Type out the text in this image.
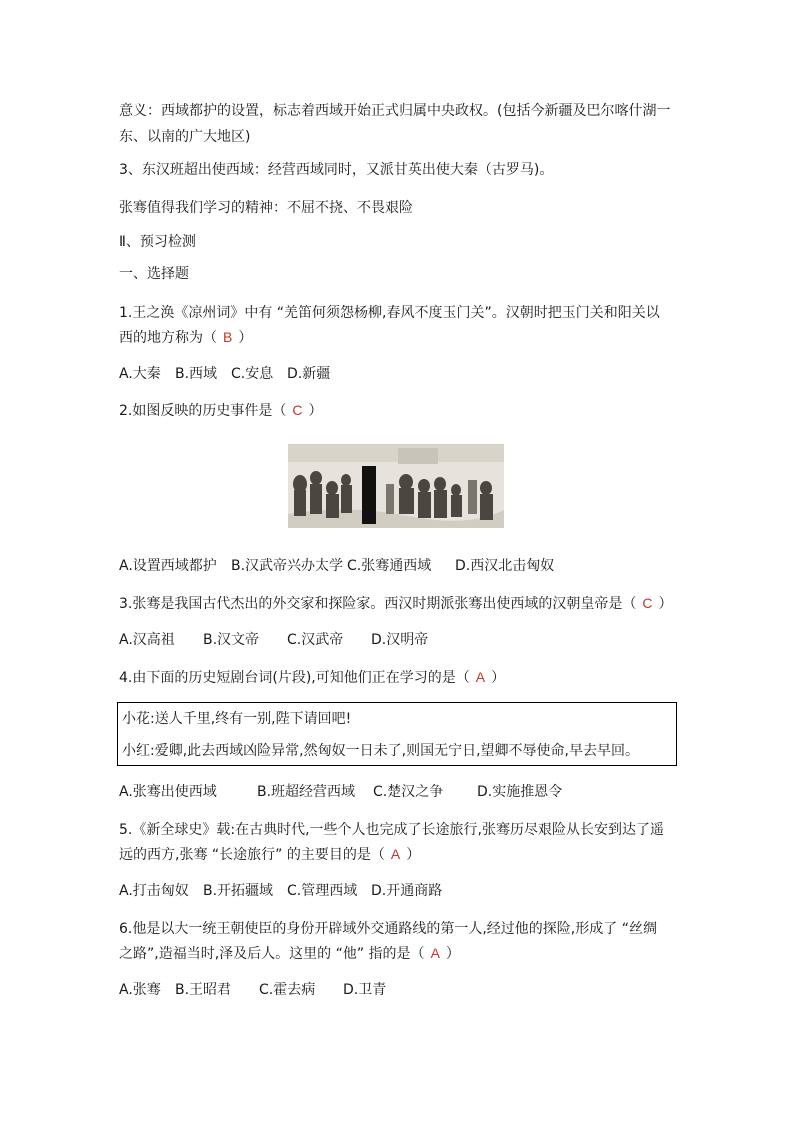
意义：西域都护的设置，标志着西域开始正式归属中央政权。(包括今新疆及巴尔喀什湖一东、以南的广大地区)
3、东汉班超出使西域：经营西域同时，又派甘英出使大秦（古罗马)。
张骞值得我们学习的精神：不屈不挠、不畏艰险
Ⅱ、预习检测
一、选择题
1.王之涣《凉州词》中有 “羌笛何须怨杨柳,春风不度玉门关”。汉朝时把玉门关和阳关以
西的地方称为（ B ）
A.大秦 B.西域 C.安息 D.新疆
2.如图反映的历史事件是（ C ）
A.设置西域都护 B.汉武帝兴办太学 C.张骞通西域 D.西汉北击匈奴
3.张骞是我国古代杰出的外交家和探险家。西汉时期派张骞出使西域的汉朝皇帝是（ C ）
A.汉高祖 B.汉文帝 C.汉武帝 D.汉明帝
4.由下面的历史短剧台词(片段),可知他们正在学习的是（ A ）
小花:送人千里,终有一别,陛下请回吧!
小红:爱卿,此去西域凶险异常,然匈奴一日未了,则国无宁日,望卿不辱使命,早去早回。
A.张骞出使西域	B.班超经营西域 C.楚汉之争 D.实施推恩令
5.《新全球史》载:在古典时代,一些个人也完成了长途旅行,张骞历尽艰险从长安到达了遥
远的西方,张骞 “长途旅行” 的主要目的是（ A ）
A.打击匈奴 B.开拓疆域 C.管理西域 D.开通商路
6.他是以大一统王朝使臣的身份开辟域外交通路线的第一人,经过他的探险,形成了 “丝绸
之路”,造福当时,泽及后人。这里的 “他” 指的是（ A ）
A.张骞 B.王昭君 C.霍去病 D.卫青
